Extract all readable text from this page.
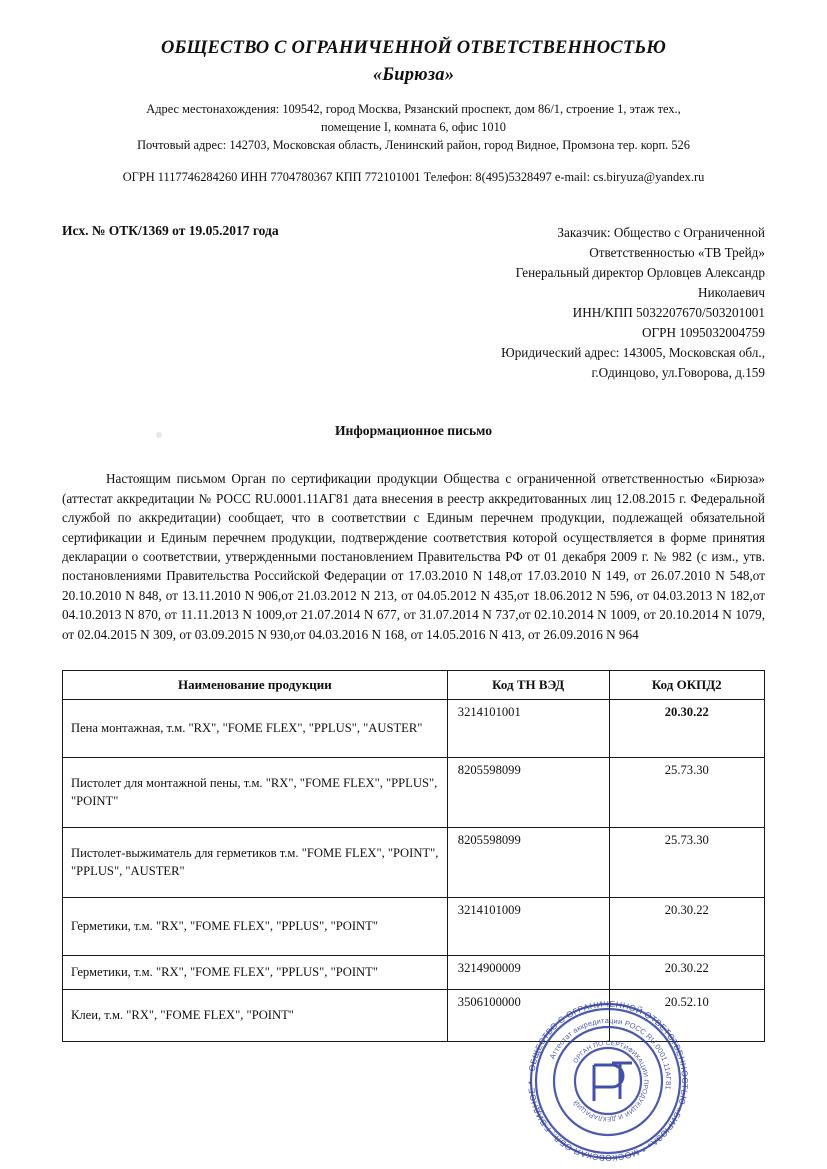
ОБЩЕСТВО С ОГРАНИЧЕННОЙ ОТВЕТСТВЕННОСТЬЮ
«Бирюза»
Адрес местонахождения: 109542, город Москва, Рязанский проспект, дом 86/1, строение 1, этаж тех.,
помещение I, комната 6, офис 1010
Почтовый адрес: 142703, Московская область, Ленинский район, город Видное, Промзона тер. корп. 526
ОГРН 1117746284260 ИНН 7704780367 КПП 772101001 Телефон: 8(495)5328497 e-mail: cs.biryuza@yandex.ru
Исх. № ОТК/1369 от 19.05.2017 года	Заказчик: Общество с Ограниченной
Ответственностью «ТВ Трейд»
Генеральный директор Орловцев Александр
Николаевич
ИНН/КПП 5032207670/503201001
ОГРН 1095032004759
Юридический адрес: 143005, Московская обл.,
г.Одинцово, ул.Говорова, д.159
Информационное письмо
Настоящим письмом Орган по сертификации продукции Общества с ограниченной ответственностью «Бирюза» (аттестат аккредитации № РОСС RU.0001.11АГ81 дата внесения в реестр аккредитованных лиц 12.08.2015 г. Федеральной службой по аккредитации) сообщает, что в соответствии с Единым перечнем продукции, подлежащей обязательной сертификации и Единым перечнем продукции, подтверждение соответствия которой осуществляется в форме принятия декларации о соответствии, утвержденными постановлением Правительства РФ от 01 декабря 2009 г. № 982 (с изм., утв. постановлениями Правительства Российской Федерации от 17.03.2010 N 148,от 17.03.2010 N 149, от 26.07.2010 N 548,от 20.10.2010 N 848, от 13.11.2010 N 906,от 21.03.2012 N 213, от 04.05.2012 N 435,от 18.06.2012 N 596, от 04.03.2013 N 182,от 04.10.2013 N 870, от 11.11.2013 N 1009,от 21.07.2014 N 677, от 31.07.2014 N 737,от 02.10.2014 N 1009, от 20.10.2014 N 1079, от 02.04.2015 N 309, от 03.09.2015 N 930,от 04.03.2016 N 168, от 14.05.2016 N 413, от 26.09.2016 N 964
Наименование продукции	Код ТН ВЭД	Код ОКПД2
Пена монтажная, т.м. "RX", "FOME FLEX", "PPLUS", "AUSTER"	3214101001	20.30.22
Пистолет для монтажной пены, т.м. "RX", "FOME FLEX", "PPLUS", "POINT"	8205598099	25.73.30
Пистолет-выжиматель для герметиков т.м. "FOME FLEX", "POINT", "PPLUS", "AUSTER"	8205598099	25.73.30
Герметики, т.м. "RX", "FOME FLEX", "PPLUS", "POINT"	3214101009	20.30.22
Герметики, т.м. "RX", "FOME FLEX", "PPLUS", "POINT"	3214900009	20.30.22
Клеи, т.м. "RX", "FOME FLEX", "POINT"	3506100000	20.52.10
ОБЩЕСТВО С ОГРАНИЧЕННОЙ ОТВЕТСТВЕННОСТЬЮ «БИРЮЗА» * МОСКОВСКАЯ ОБЛ., Г.ВИДНОЕ *
Аттестат аккредитации РОСС RU.0001.11АГ81
ОРГАН ПО СЕРТИФИКАЦИИ ПРОДУКЦИИ И ДЕКЛАРАЦИЙ
